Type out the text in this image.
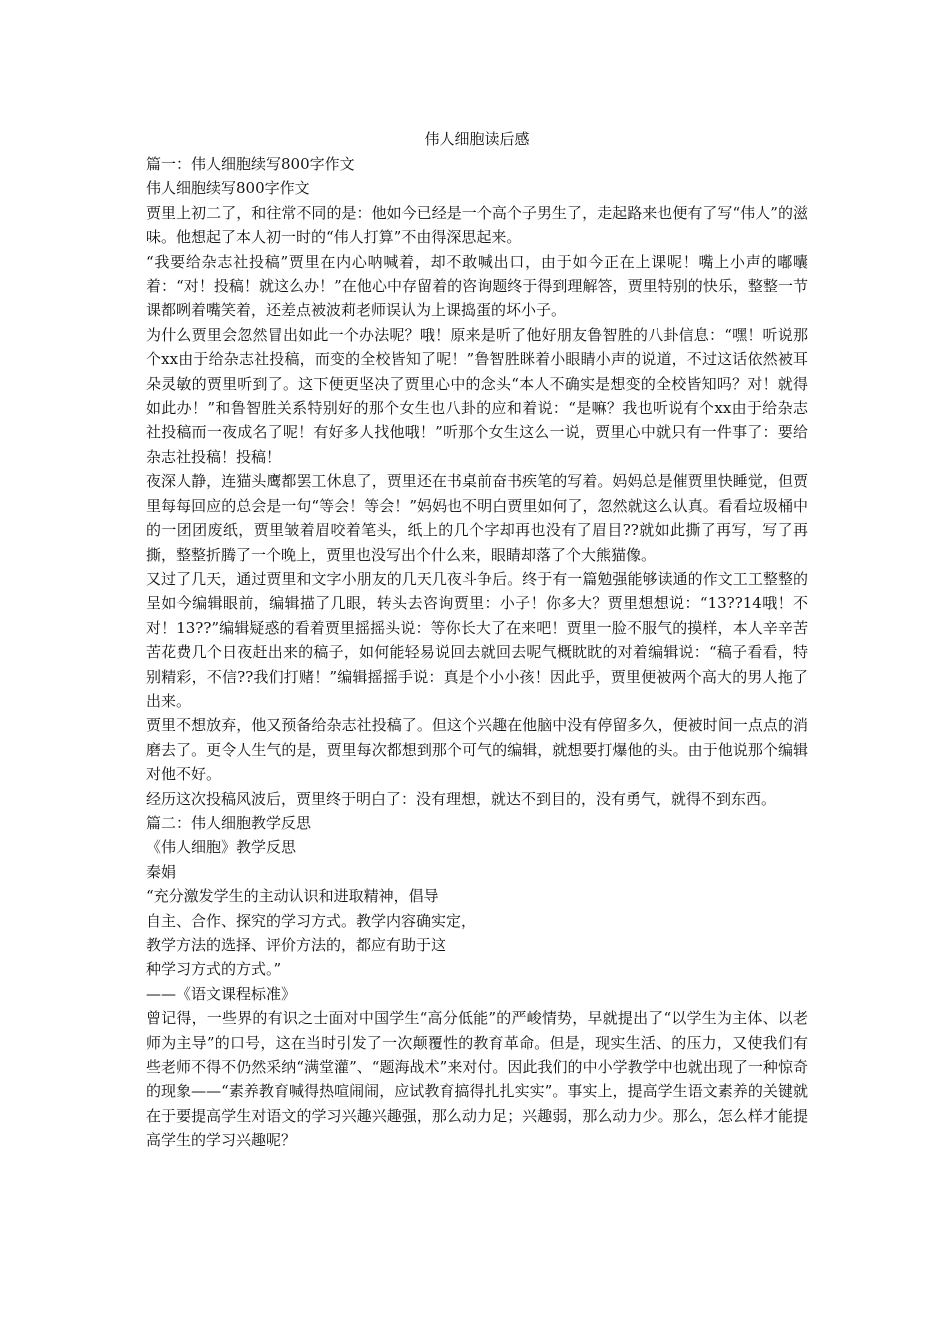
伟人细胞读后感

篇一：伟人细胞续写800字作文

伟人细胞续写800字作文

贾里上初二了，和往常不同的是：他如今已经是一个高个子男生了，走起路来也便有了写“伟人”的滋味。他想起了本人初一时的“伟人打算”不由得深思起来。

“我要给杂志社投稿”贾里在内心呐喊着，却不敢喊出口，由于如今正在上课呢！嘴上小声的嘟囔着：“对！投稿！就这么办！”在他心中存留着的咨询题终于得到理解答，贾里特别的快乐，整整一节课都咧着嘴笑着，还差点被波莉老师误认为上课捣蛋的坏小子。

为什么贾里会忽然冒出如此一个办法呢？哦！原来是听了他好朋友鲁智胜的八卦信息：“嘿！听说那个xx由于给杂志社投稿，而变的全校皆知了呢！”鲁智胜眯着小眼睛小声的说道，不过这话依然被耳朵灵敏的贾里听到了。这下便更坚决了贾里心中的念头“本人不确实是想变的全校皆知吗？对！就得如此办！”和鲁智胜关系特别好的那个女生也八卦的应和着说：“是嘛？我也听说有个xx由于给杂志社投稿而一夜成名了呢！有好多人找他哦！”听那个女生这么一说，贾里心中就只有一件事了：要给杂志社投稿！投稿！

夜深人静，连猫头鹰都罢工休息了，贾里还在书桌前奋书疾笔的写着。妈妈总是催贾里快睡觉，但贾里每每回应的总会是一句“等会！等会！”妈妈也不明白贾里如何了，忽然就这么认真。看看垃圾桶中的一团团废纸，贾里皱着眉咬着笔头，纸上的几个字却再也没有了眉目??就如此撕了再写，写了再撕，整整折腾了一个晚上，贾里也没写出个什么来，眼睛却落了个大熊猫像。

又过了几天，通过贾里和文字小朋友的几天几夜斗争后。终于有一篇勉强能够读通的作文工工整整的呈如今编辑眼前，编辑描了几眼，转头去咨询贾里：小子！你多大？贾里想想说：“13??14哦！不对！13??”编辑疑惑的看着贾里摇摇头说：等你长大了在来吧！贾里一脸不服气的摸样，本人辛辛苦苦花费几个日夜赶出来的稿子，如何能轻易说回去就回去呢气概眈眈的对着编辑说：“稿子看看，特别精彩，不信??我们打赌！”编辑摇摇手说：真是个小小孩！因此乎，贾里便被两个高大的男人拖了出来。

贾里不想放弃，他又预备给杂志社投稿了。但这个兴趣在他脑中没有停留多久，便被时间一点点的消磨去了。更令人生气的是，贾里每次都想到那个可气的编辑，就想要打爆他的头。由于他说那个编辑对他不好。

经历这次投稿风波后，贾里终于明白了：没有理想，就达不到目的，没有勇气，就得不到东西。

篇二：伟人细胞教学反思

《伟人细胞》教学反思

秦娟

“充分激发学生的主动认识和进取精神，倡导

自主、合作、探究的学习方式。教学内容确实定，

教学方法的选择、评价方法的，都应有助于这

种学习方式的方式。”

——《语文课程标准》

曾记得，一些界的有识之士面对中国学生“高分低能”的严峻情势，早就提出了“以学生为主体、以老师为主导”的口号，这在当时引发了一次颠覆性的教育革命。但是，现实生活、的压力，又使我们有些老师不得不仍然采纳“满堂灌”、“题海战术”来对付。因此我们的中小学教学中也就出现了一种惊奇的现象——“素养教育喊得热喧闹闹，应试教育搞得扎扎实实”。事实上，提高学生语文素养的关键就在于要提高学生对语文的学习兴趣兴趣强，那么动力足；兴趣弱，那么动力少。那么，怎么样才能提高学生的学习兴趣呢？
